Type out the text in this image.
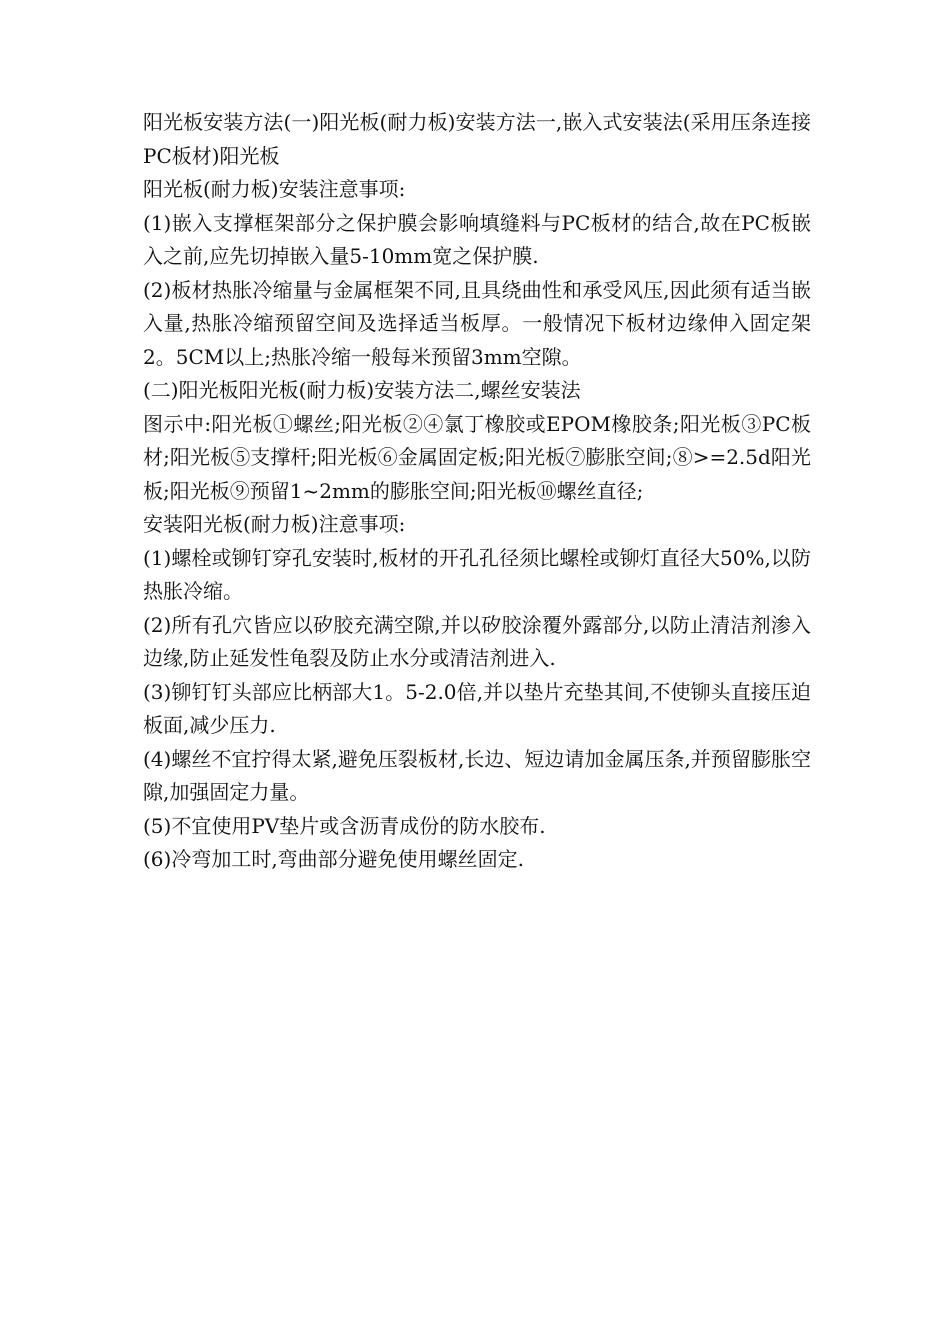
阳光板安装方法(一)阳光板(耐力板)安装方法一,嵌入式安装法(采用压条连接PC板材)阳光板

阳光板(耐力板)安装注意事项:

(1)嵌入支撑框架部分之保护膜会影响填缝料与PC板材的结合,故在PC板嵌入之前,应先切掉嵌入量5-10mm宽之保护膜.

(2)板材热胀冷缩量与金属框架不同,且具绕曲性和承受风压,因此须有适当嵌入量,热胀冷缩预留空间及选择适当板厚。一般情况下板材边缘伸入固定架2。5CM以上;热胀冷缩一般每米预留3mm空隙。

(二)阳光板阳光板(耐力板)安装方法二,螺丝安装法

图示中:阳光板①螺丝;阳光板②④氯丁橡胶或EPOM橡胶条;阳光板③PC板材;阳光板⑤支撑杆;阳光板⑥金属固定板;阳光板⑦膨胀空间;⑧>=2.5d阳光板;阳光板⑨预留1~2mm的膨胀空间;阳光板⑩螺丝直径;

安装阳光板(耐力板)注意事项:

(1)螺栓或铆钉穿孔安装时,板材的开孔孔径须比螺栓或铆灯直径大50%,以防热胀冷缩。

(2)所有孔穴皆应以矽胶充满空隙,并以矽胶涂覆外露部分,以防止清洁剂渗入边缘,防止延发性龟裂及防止水分或清洁剂进入.

(3)铆钉钉头部应比柄部大1。5-2.0倍,并以垫片充垫其间,不使铆头直接压迫板面,减少压力.

(4)螺丝不宜拧得太紧,避免压裂板材,长边、短边请加金属压条,并预留膨胀空隙,加强固定力量。

(5)不宜使用PV垫片或含沥青成份的防水胶布.

(6)冷弯加工时,弯曲部分避免使用螺丝固定.
